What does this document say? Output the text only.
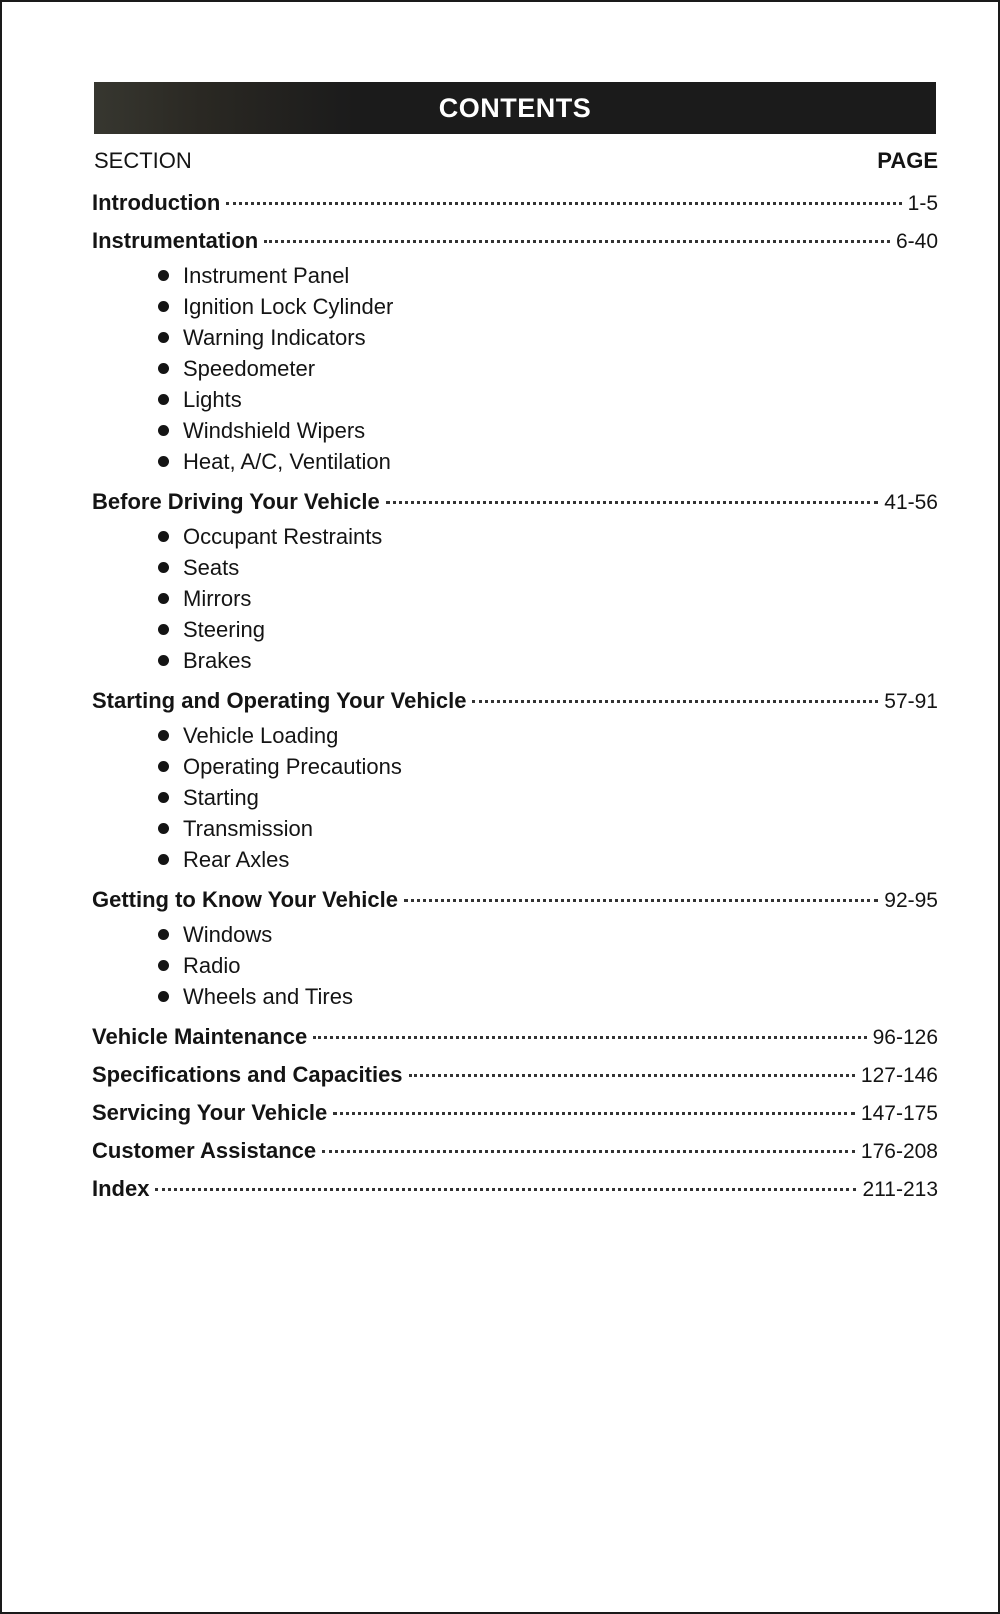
CONTENTS
SECTION	PAGE
Introduction	1-5
Instrumentation	6-40
Instrument Panel
Ignition Lock Cylinder
Warning Indicators
Speedometer
Lights
Windshield Wipers
Heat, A/C, Ventilation
Before Driving Your Vehicle	41-56
Occupant Restraints
Seats
Mirrors
Steering
Brakes
Starting and Operating Your Vehicle	57-91
Vehicle Loading
Operating Precautions
Starting
Transmission
Rear Axles
Getting to Know Your Vehicle	92-95
Windows
Radio
Wheels and Tires
Vehicle Maintenance	96-126
Specifications and Capacities	127-146
Servicing Your Vehicle	147-175
Customer Assistance	176-208
Index	211-213
